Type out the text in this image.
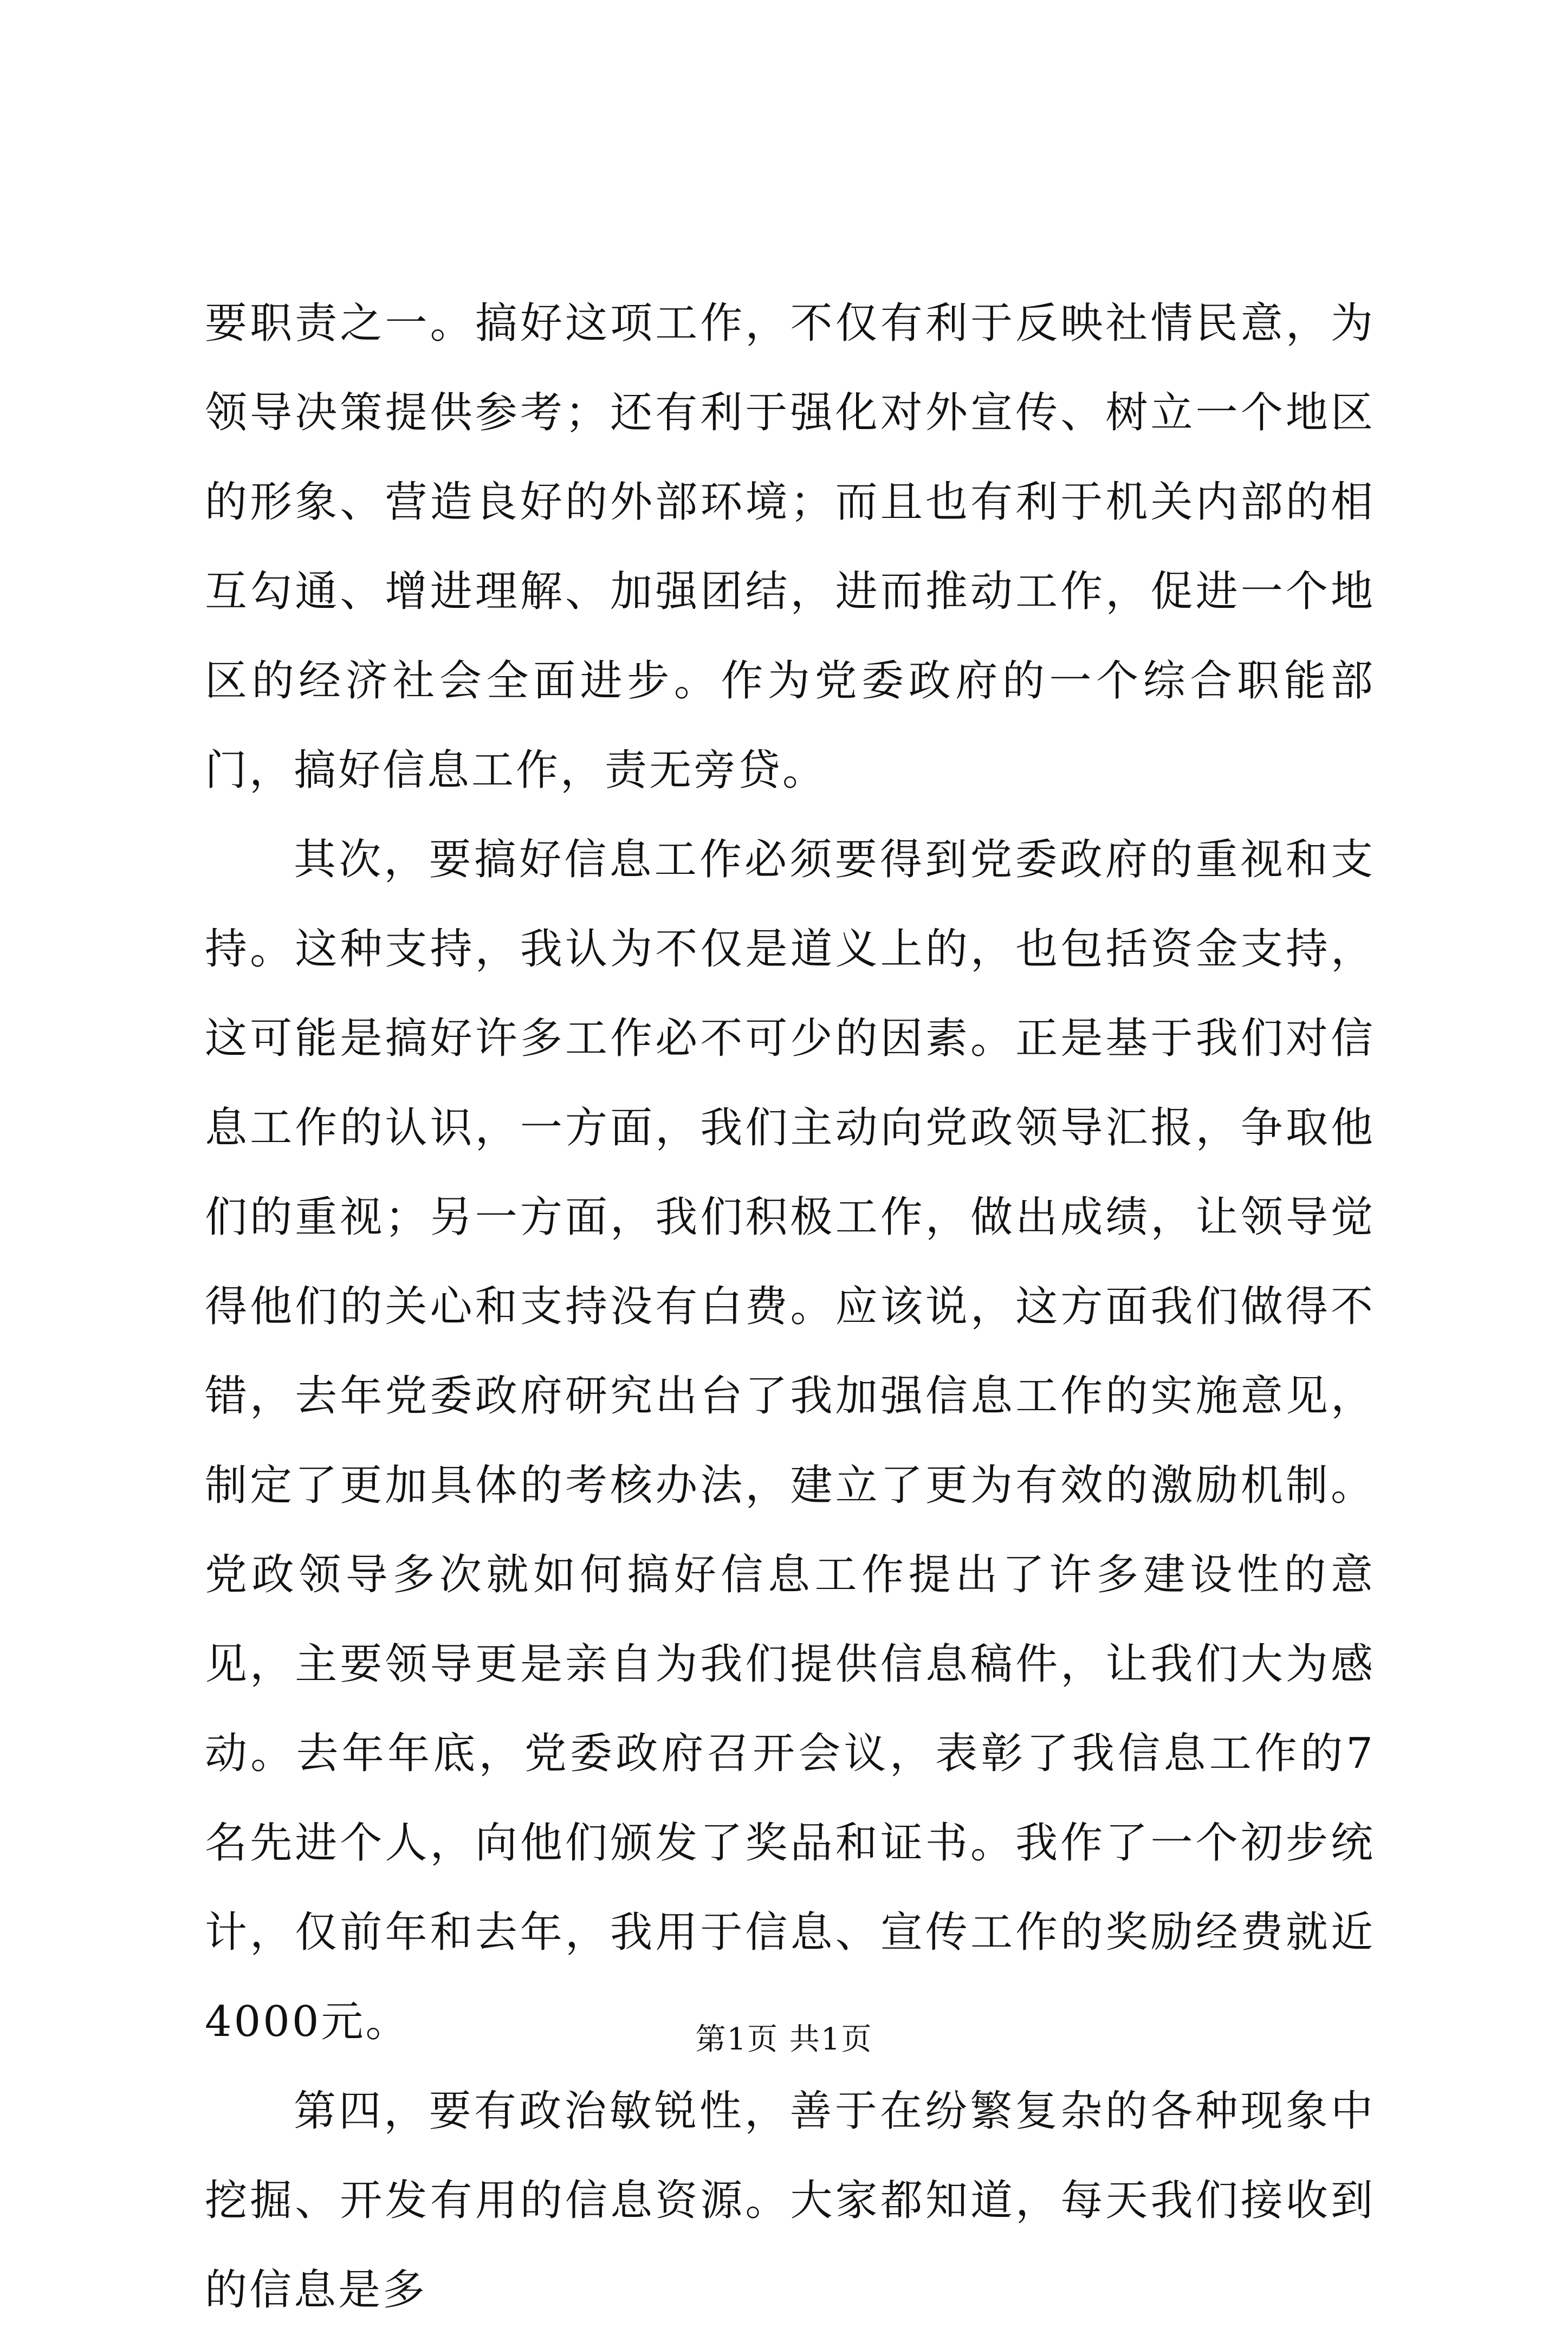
要职责之一。搞好这项工作，不仅有利于反映社情民意，为领导决策提供参考；还有利于强化对外宣传、树立一个地区的形象、营造良好的外部环境；而且也有利于机关内部的相互勾通、增进理解、加强团结，进而推动工作，促进一个地区的经济社会全面进步。作为党委政府的一个综合职能部门，搞好信息工作，责无旁贷。

其次，要搞好信息工作必须要得到党委政府的重视和支持。这种支持，我认为不仅是道义上的，也包括资金支持，这可能是搞好许多工作必不可少的因素。正是基于我们对信息工作的认识，一方面，我们主动向党政领导汇报，争取他们的重视；另一方面，我们积极工作，做出成绩，让领导觉得他们的关心和支持没有白费。应该说，这方面我们做得不错，去年党委政府研究出台了我加强信息工作的实施意见，制定了更加具体的考核办法，建立了更为有效的激励机制。党政领导多次就如何搞好信息工作提出了许多建设性的意见，主要领导更是亲自为我们提供信息稿件，让我们大为感动。去年年底，党委政府召开会议，表彰了我信息工作的7名先进个人，向他们颁发了奖品和证书。我作了一个初步统计，仅前年和去年，我用于信息、宣传工作的奖励经费就近4000元。

第四，要有政治敏锐性，善于在纷繁复杂的各种现象中挖掘、开发有用的信息资源。大家都知道，每天我们接收到的信息是多

第1页 共1页
